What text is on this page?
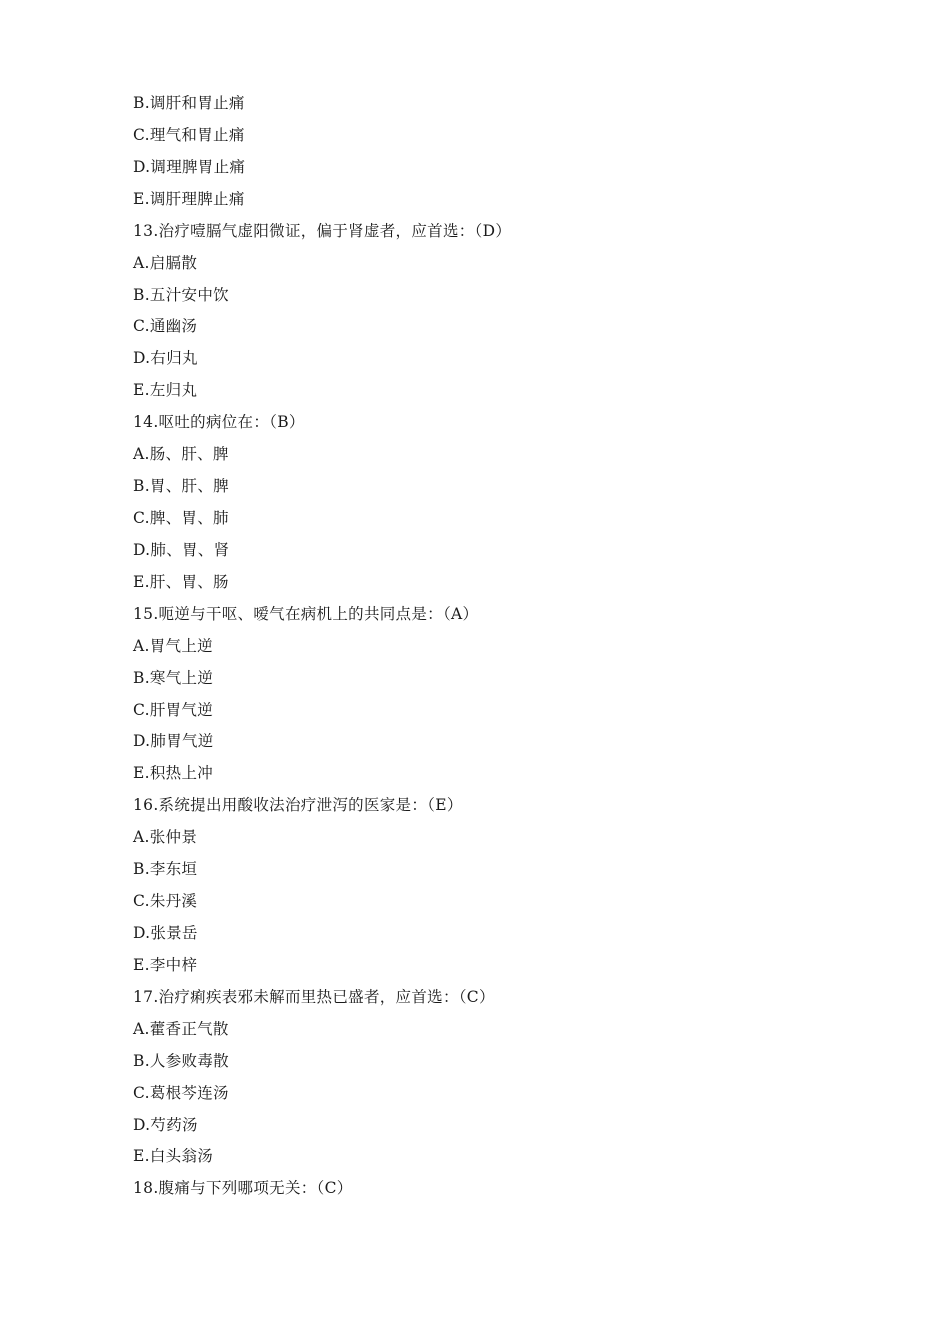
B.调肝和胃止痛
C.理气和胃止痛
D.调理脾胃止痛
E.调肝理脾止痛
13.治疗噎膈气虚阳微证，偏于肾虚者，应首选：（D）
A.启膈散
B.五汁安中饮
C.通幽汤
D.右归丸
E.左归丸
14.呕吐的病位在：（B）
A.肠、肝、脾
B.胃、肝、脾
C.脾、胃、肺
D.肺、胃、肾
E.肝、胃、肠
15.呃逆与干呕、嗳气在病机上的共同点是：（A）
A.胃气上逆
B.寒气上逆
C.肝胃气逆
D.肺胃气逆
E.积热上冲
16.系统提出用酸收法治疗泄泻的医家是：（E）
A.张仲景
B.李东垣
C.朱丹溪
D.张景岳
E.李中梓
17.治疗痢疾表邪未解而里热已盛者，应首选：（C）
A.藿香正气散
B.人参败毒散
C.葛根芩连汤
D.芍药汤
E.白头翁汤
18.腹痛与下列哪项无关：（C）
